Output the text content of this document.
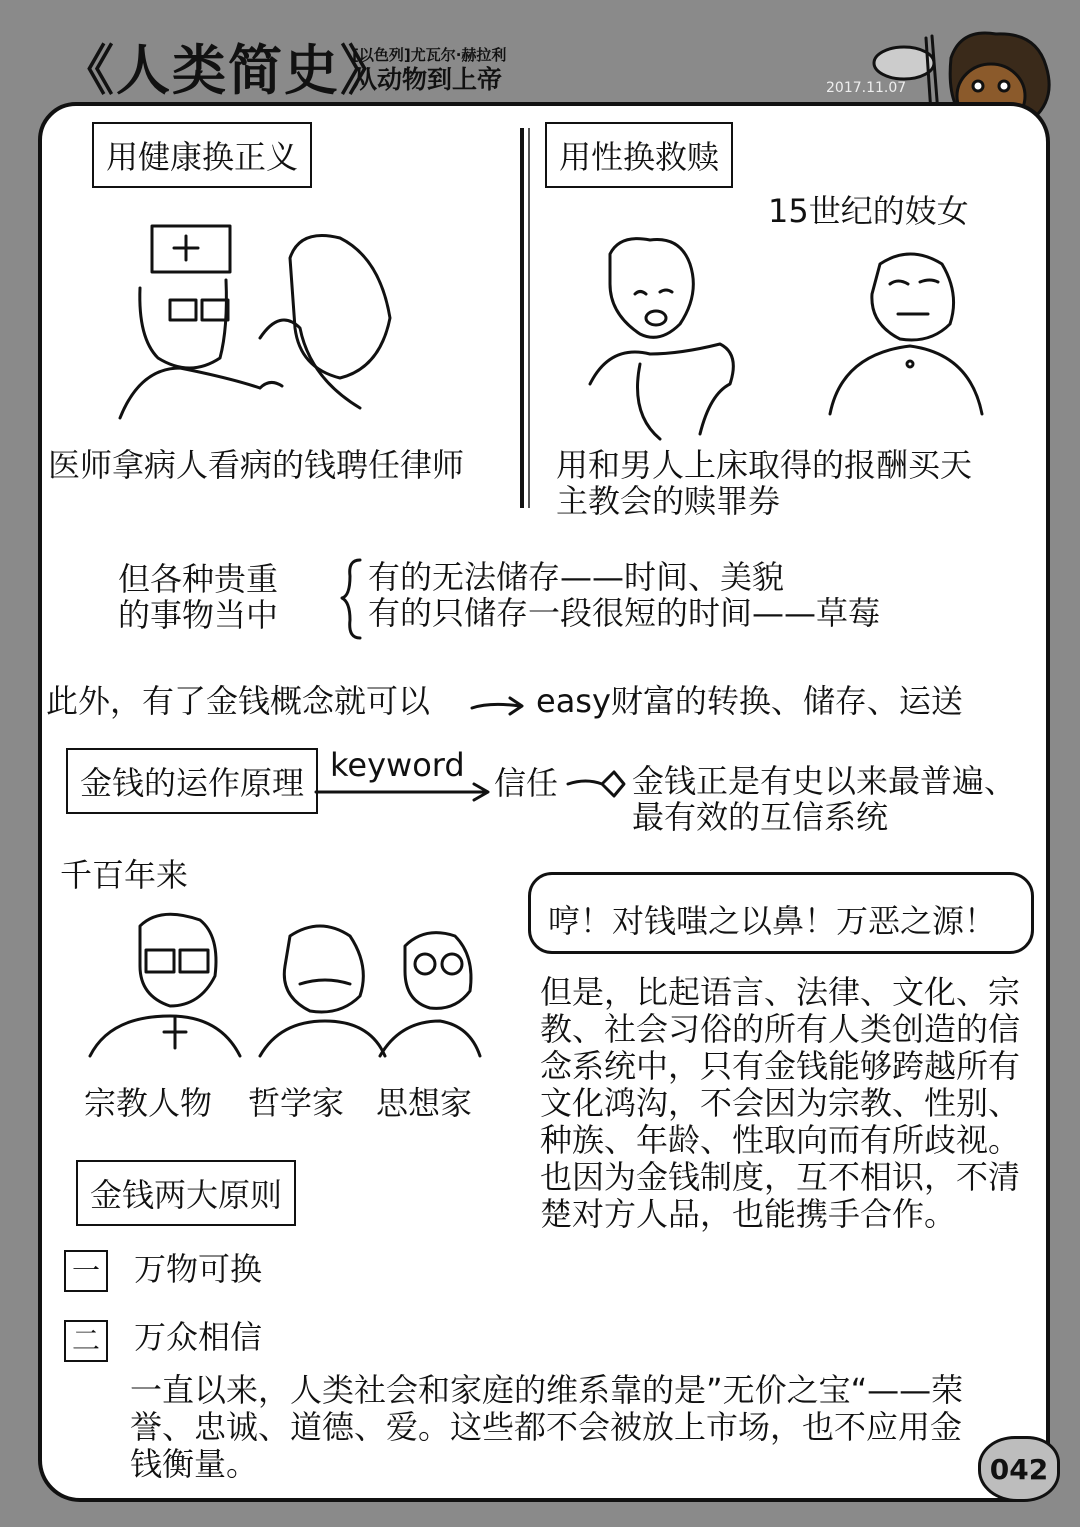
《人类简史》
[以色列]尤瓦尔·赫拉利
从动物到上帝	2017.11.07
用健康换正义
医师拿病人看病的钱聘任律师
用性换救赎
15世纪的妓女
用和男人上床取得的报酬买天
主教会的赎罪券
但各种贵重
的事物当中
有的无法储存——时间、美貌
有的只储存一段很短的时间——草莓
此外，有了金钱概念就可以	easy财富的转换、储存、运送
金钱的运作原理 keyword 信任 金钱正是有史以来最普遍、
最有效的互信系统
千百年来
宗教人物 哲学家 思想家
哼！对钱嗤之以鼻！万恶之源！
但是，比起语言、法律、文化、宗教、社会习俗的所有人类创造的信念系统中，只有金钱能够跨越所有文化鸿沟，不会因为宗教、性别、种族、年龄、性取向而有所歧视。也因为金钱制度，互不相识，不清楚对方人品，也能携手合作。
金钱两大原则
一 万物可换
二 万众相信
一直以来，人类社会和家庭的维系靠的是”无价之宝“——荣誉、忠诚、道德、爱。这些都不会被放上市场，也不应用金钱衡量。	042
